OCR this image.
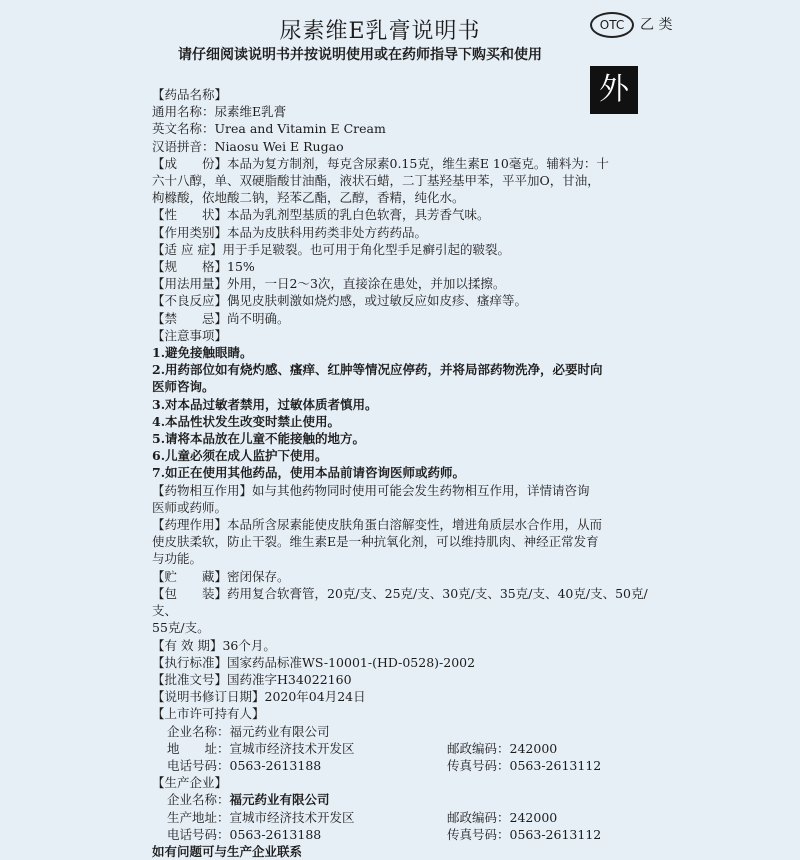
尿素维E乳膏说明书
请仔细阅读说明书并按说明使用或在药师指导下购买和使用
OTC	乙 类
外

【药品名称】

通用名称：尿素维E乳膏

英文名称：Urea and Vitamin E Cream

汉语拼音：Niaosu Wei E Rugao

【成　　份】本品为复方制剂，每克含尿素0.15克，维生素E 10毫克。辅料为：十

六十八醇，单、双硬脂酸甘油酯，液状石蜡，二丁基羟基甲苯，平平加O，甘油，

枸橼酸，依地酸二钠，羟苯乙酯，乙醇，香精，纯化水。

【性　　状】本品为乳剂型基质的乳白色软膏，具芳香气味。

【作用类别】本品为皮肤科用药类非处方药药品。

【适 应 症】用于手足皲裂。也可用于角化型手足癣引起的皲裂。

【规　　格】15%

【用法用量】外用，一日2～3次，直接涂在患处，并加以揉擦。

【不良反应】偶见皮肤刺激如烧灼感，或过敏反应如皮疹、瘙痒等。

【禁　　忌】尚不明确。

【注意事项】

1.避免接触眼睛。

2.用药部位如有烧灼感、瘙痒、红肿等情况应停药，并将局部药物洗净，必要时向

医师咨询。

3.对本品过敏者禁用，过敏体质者慎用。

4.本品性状发生改变时禁止使用。

5.请将本品放在儿童不能接触的地方。

6.儿童必须在成人监护下使用。

7.如正在使用其他药品，使用本品前请咨询医师或药师。

【药物相互作用】如与其他药物同时使用可能会发生药物相互作用，详情请咨询

医师或药师。

【药理作用】本品所含尿素能使皮肤角蛋白溶解变性，增进角质层水合作用，从而

使皮肤柔软，防止干裂。维生素E是一种抗氧化剂，可以维持肌肉、神经正常发育

与功能。

【贮　　藏】密闭保存。

【包　　装】药用复合软膏管，20克/支、25克/支、30克/支、35克/支、40克/支、50克/支、

55克/支。

【有 效 期】36个月。

【执行标准】国家药品标准WS-10001-(HD-0528)-2002

【批准文号】国药准字H34022160

【说明书修订日期】2020年04月24日

【上市许可持有人】

企业名称：福元药业有限公司

地　　址：宣城市经济技术开发区	邮政编码：242000

电话号码：0563-2613188	传真号码：0563-2613112

【生产企业】

企业名称：福元药业有限公司

生产地址：宣城市经济技术开发区	邮政编码：242000

电话号码：0563-2613188	传真号码：0563-2613112

如有问题可与生产企业联系
